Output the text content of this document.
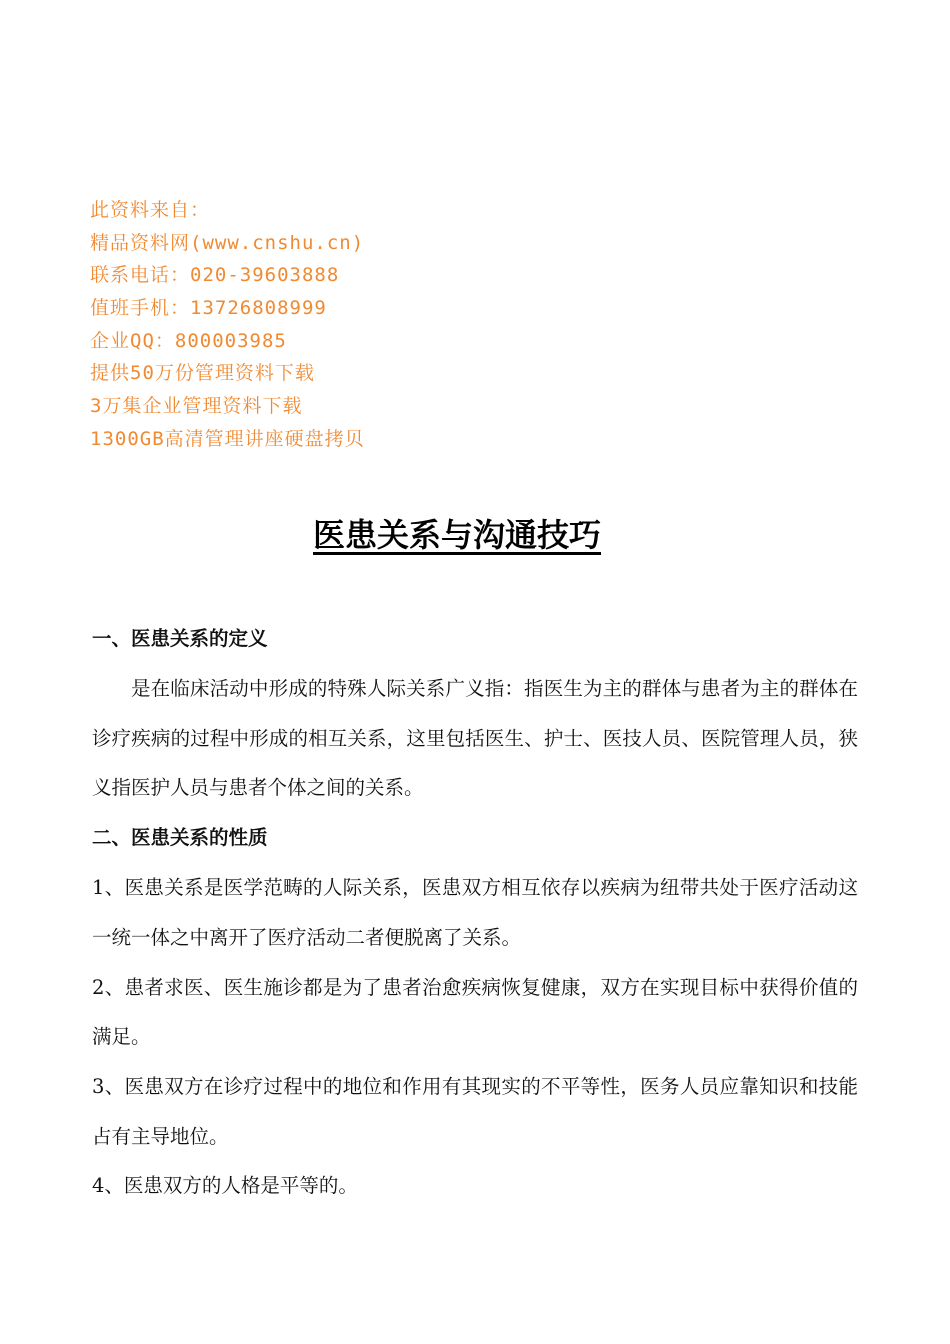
此资料来自：
精品资料网(www.cnshu.cn)
联系电话：020-39603888
值班手机：13726808999
企业QQ：800003985
提供50万份管理资料下载
3万集企业管理资料下载
1300GB高清管理讲座硬盘拷贝
医患关系与沟通技巧
一、医患关系的定义
是在临床活动中形成的特殊人际关系广义指：指医生为主的群体与患者为主的群体在诊疗疾病的过程中形成的相互关系，这里包括医生、护士、医技人员、医院管理人员，狭义指医护人员与患者个体之间的关系。
二、医患关系的性质
1、医患关系是医学范畴的人际关系，医患双方相互依存以疾病为纽带共处于医疗活动这一统一体之中离开了医疗活动二者便脱离了关系。
2、患者求医、医生施诊都是为了患者治愈疾病恢复健康，双方在实现目标中获得价值的满足。
3、医患双方在诊疗过程中的地位和作用有其现实的不平等性，医务人员应靠知识和技能占有主导地位。
4、医患双方的人格是平等的。
